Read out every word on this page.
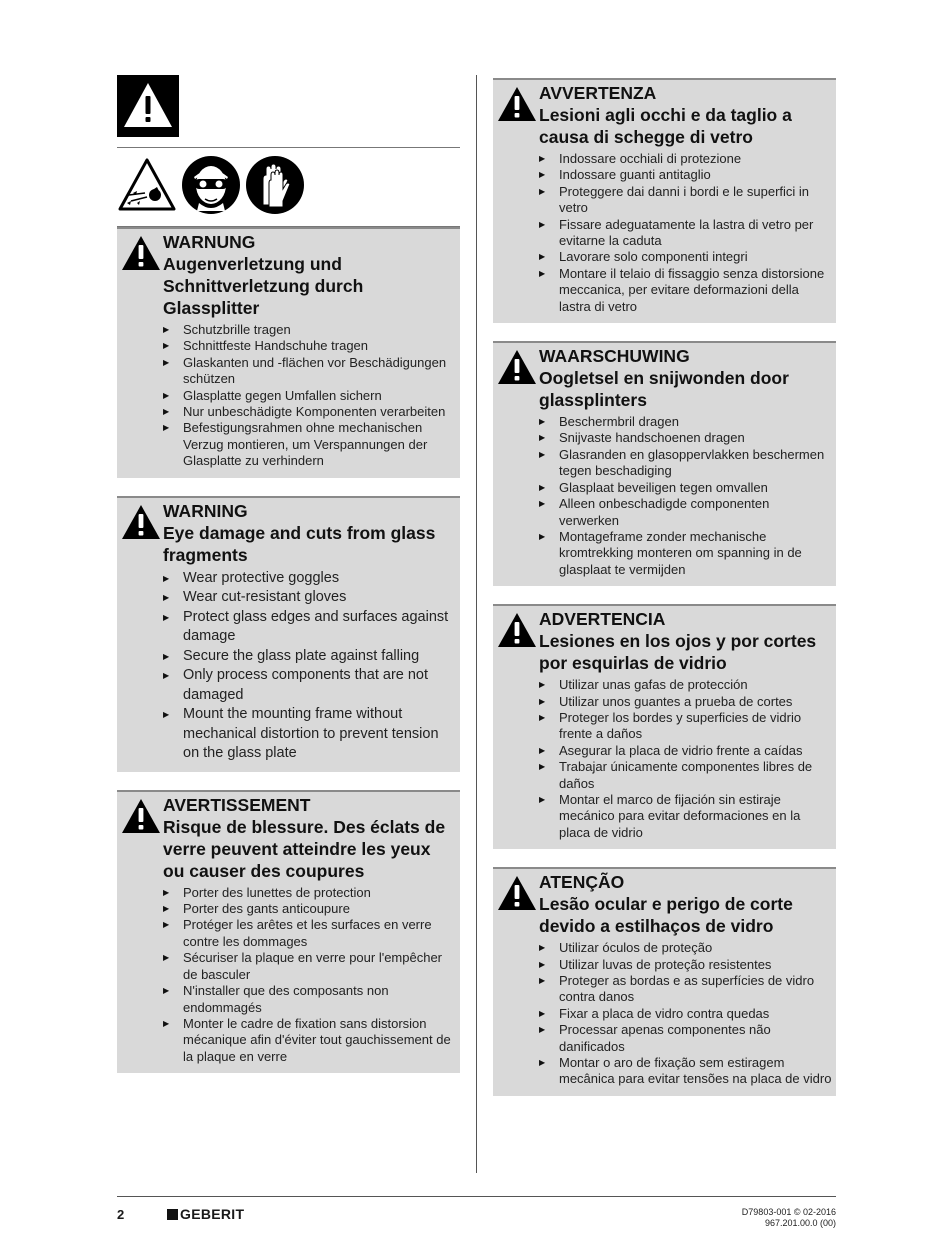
WARNUNG
Augenverletzung und
Schnittverletzung durch
Glassplitter
▶ Schutzbrille tragen
▶ Schnittfeste Handschuhe tragen
▶ Glaskanten und -flächen vor Beschädigungen schützen
▶ Glasplatte gegen Umfallen sichern
▶ Nur unbeschädigte Komponenten verarbeiten
▶ Befestigungsrahmen ohne mechanischen Verzug montieren, um Verspannungen der Glasplatte zu verhindern
WARNING
Eye damage and cuts from glass
fragments
▶ Wear protective goggles
▶ Wear cut-resistant gloves
▶ Protect glass edges and surfaces against damage
▶ Secure the glass plate against falling
▶ Only process components that are not damaged
▶ Mount the mounting frame without mechanical distortion to prevent tension on the glass plate
AVERTISSEMENT
Risque de blessure. Des éclats de
verre peuvent atteindre les yeux
ou causer des coupures
▶ Porter des lunettes de protection
▶ Porter des gants anticoupure
▶ Protéger les arêtes et les surfaces en verre contre les dommages
▶ Sécuriser la plaque en verre pour l'empêcher de basculer
▶ N'installer que des composants non endommagés
▶ Monter le cadre de fixation sans distorsion mécanique afin d'éviter tout gauchissement de la plaque en verre
AVVERTENZA
Lesioni agli occhi e da taglio a
causa di schegge di vetro
▶ Indossare occhiali di protezione
▶ Indossare guanti antitaglio
▶ Proteggere dai danni i bordi e le superfici in vetro
▶ Fissare adeguatamente la lastra di vetro per evitarne la caduta
▶ Lavorare solo componenti integri
▶ Montare il telaio di fissaggio senza distorsione meccanica, per evitare deformazioni della lastra di vetro
WAARSCHUWING
Oogletsel en snijwonden door
glassplinters
▶ Beschermbril dragen
▶ Snijvaste handschoenen dragen
▶ Glasranden en glasoppervlakken beschermen tegen beschadiging
▶ Glasplaat beveiligen tegen omvallen
▶ Alleen onbeschadigde componenten verwerken
▶ Montageframe zonder mechanische kromtrekking monteren om spanning in de glasplaat te vermijden
ADVERTENCIA
Lesiones en los ojos y por cortes
por esquirlas de vidrio
▶ Utilizar unas gafas de protección
▶ Utilizar unos guantes a prueba de cortes
▶ Proteger los bordes y superficies de vidrio frente a daños
▶ Asegurar la placa de vidrio frente a caídas
▶ Trabajar únicamente componentes libres de daños
▶ Montar el marco de fijación sin estiraje mecánico para evitar deformaciones en la placa de vidrio
ATENÇÃO
Lesão ocular e perigo de corte
devido a estilhaços de vidro
▶ Utilizar óculos de proteção
▶ Utilizar luvas de proteção resistentes
▶ Proteger as bordas e as superfícies de vidro contra danos
▶ Fixar a placa de vidro contra quedas
▶ Processar apenas componentes não danificados
▶ Montar o aro de fixação sem estiragem mecânica para evitar tensões na placa de vidro
2	GEBERIT	D79803-001 © 02-2016
967.201.00.0 (00)
